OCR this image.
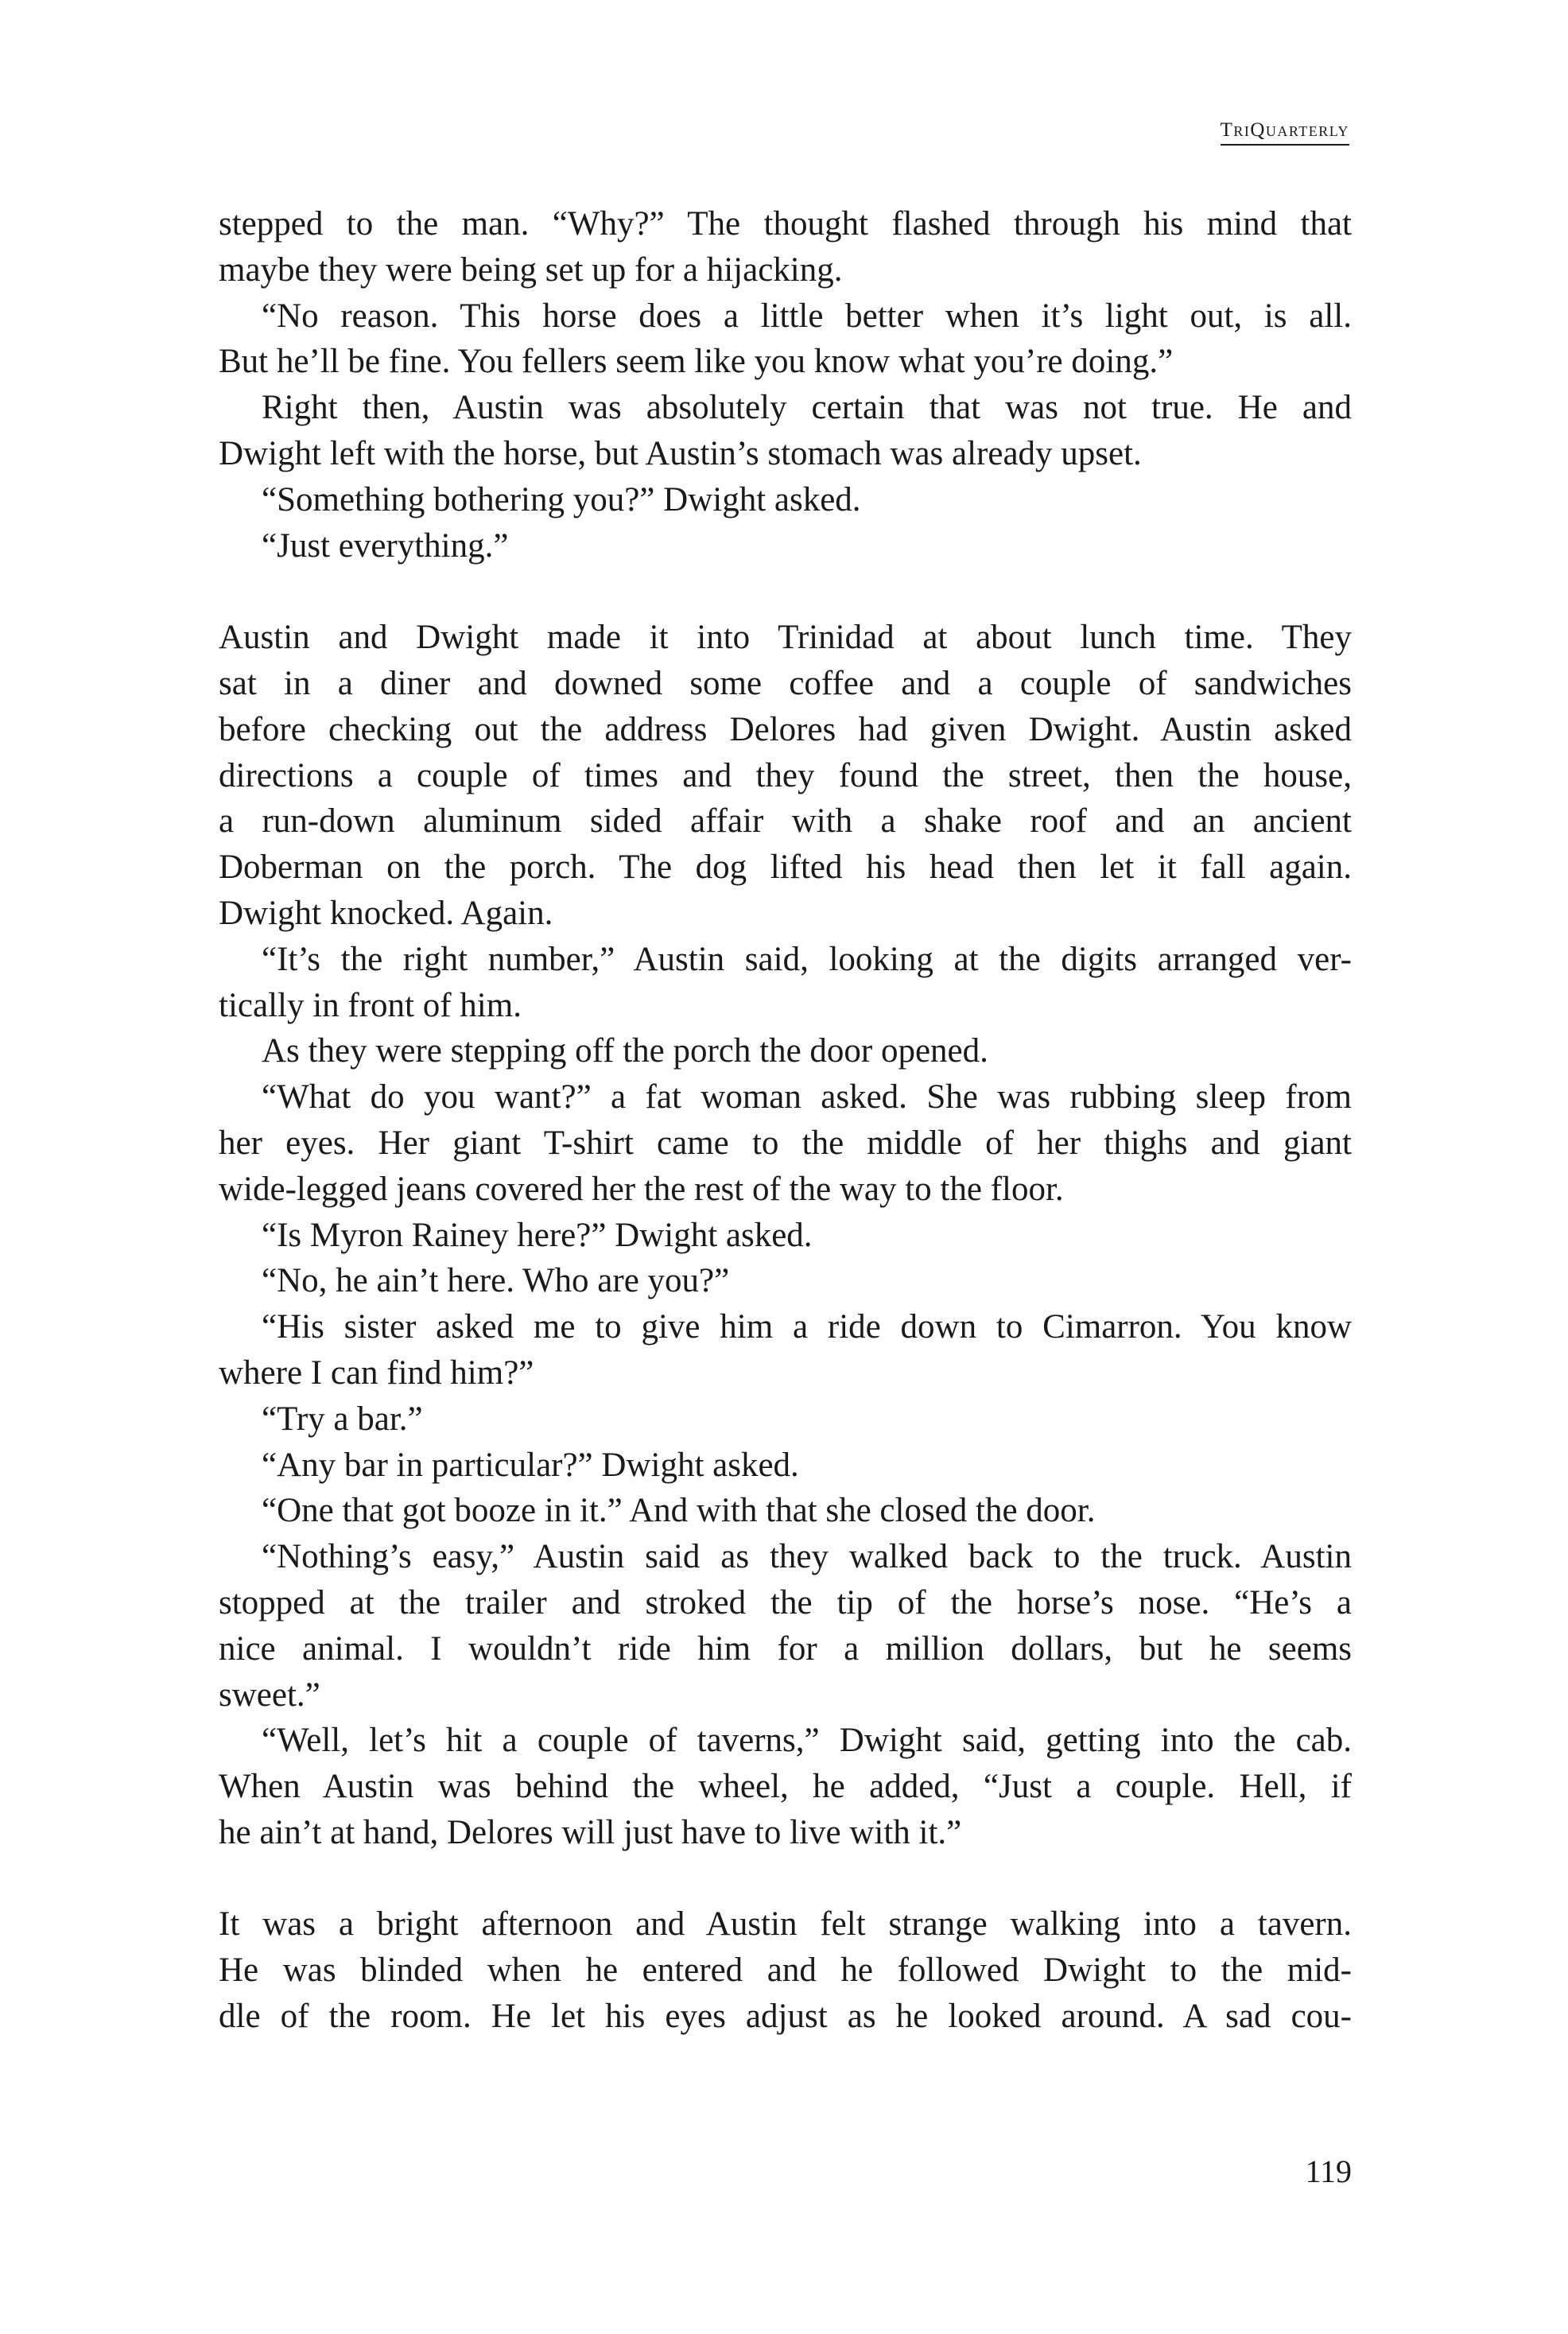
TriQuarterly
stepped to the man. “Why?” The thought flashed through his mind that
maybe they were being set up for a hijacking.
“No reason. This horse does a little better when it’s light out, is all.
But he’ll be fine. You fellers seem like you know what you’re doing.”
Right then, Austin was absolutely certain that was not true. He and
Dwight left with the horse, but Austin’s stomach was already upset.
“Something bothering you?” Dwight asked.
“Just everything.”
Austin and Dwight made it into Trinidad at about lunch time. They
sat in a diner and downed some coffee and a couple of sandwiches
before checking out the address Delores had given Dwight. Austin asked
directions a couple of times and they found the street, then the house,
a run-down aluminum sided affair with a shake roof and an ancient
Doberman on the porch. The dog lifted his head then let it fall again.
Dwight knocked. Again.
“It’s the right number,” Austin said, looking at the digits arranged ver-
tically in front of him.
As they were stepping off the porch the door opened.
“What do you want?” a fat woman asked. She was rubbing sleep from
her eyes. Her giant T-shirt came to the middle of her thighs and giant
wide-legged jeans covered her the rest of the way to the floor.
“Is Myron Rainey here?” Dwight asked.
“No, he ain’t here. Who are you?”
“His sister asked me to give him a ride down to Cimarron. You know
where I can find him?”
“Try a bar.”
“Any bar in particular?” Dwight asked.
“One that got booze in it.” And with that she closed the door.
“Nothing’s easy,” Austin said as they walked back to the truck. Austin
stopped at the trailer and stroked the tip of the horse’s nose. “He’s a
nice animal. I wouldn’t ride him for a million dollars, but he seems
sweet.”
“Well, let’s hit a couple of taverns,” Dwight said, getting into the cab.
When Austin was behind the wheel, he added, “Just a couple. Hell, if
he ain’t at hand, Delores will just have to live with it.”
It was a bright afternoon and Austin felt strange walking into a tavern.
He was blinded when he entered and he followed Dwight to the mid-
dle of the room. He let his eyes adjust as he looked around. A sad cou-
119
